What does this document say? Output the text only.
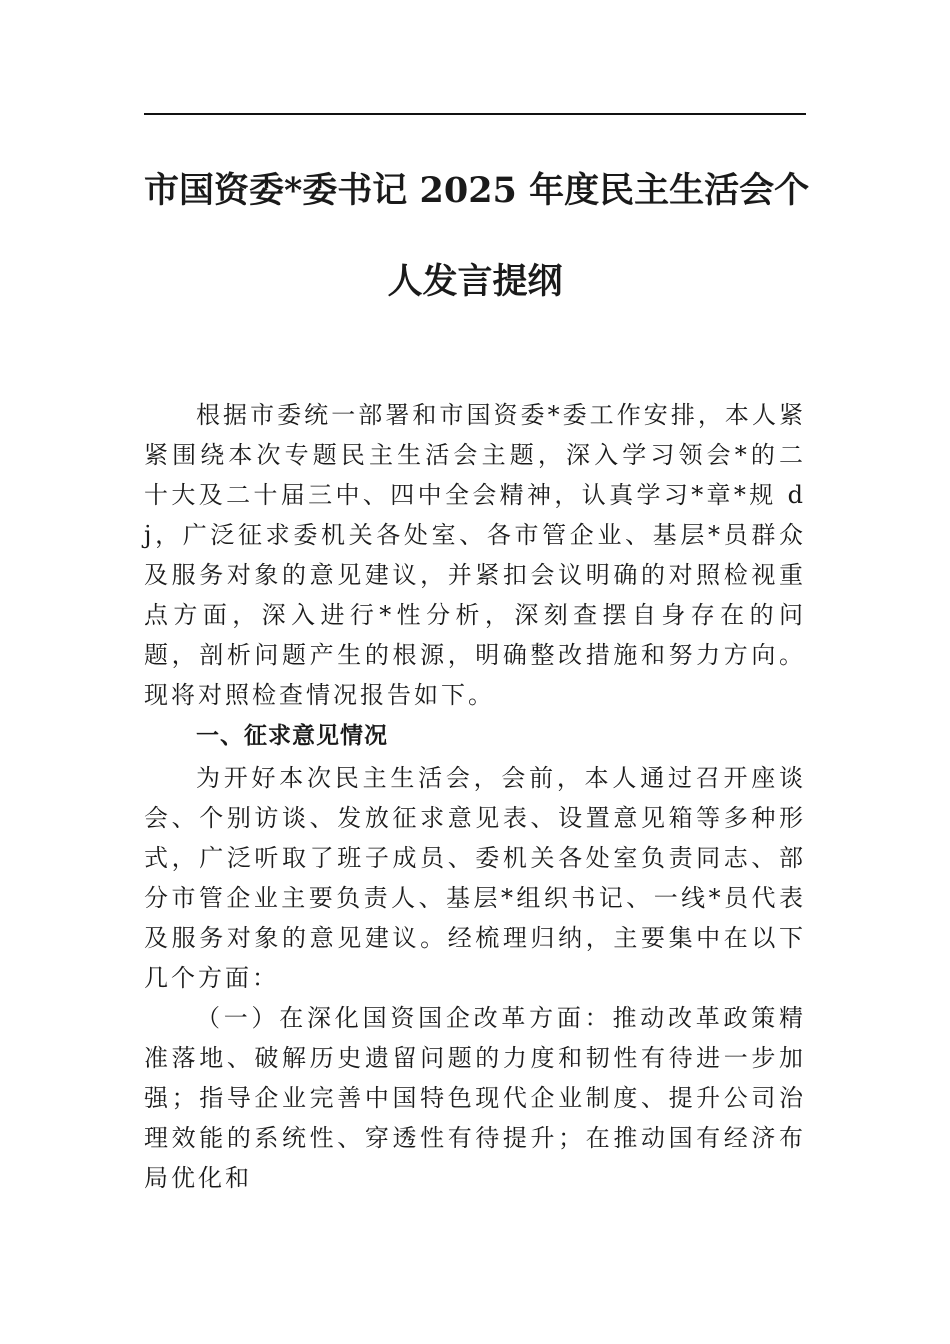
市国资委*委书记 2025 年度民主生活会个
人发言提纲

根据市委统一部署和市国资委*委工作安排，本人紧紧围绕本次专题民主生活会主题，深入学习领会*的二十大及二十届三中、四中全会精神，认真学习*章*规 dj，广泛征求委机关各处室、各市管企业、基层*员群众及服务对象的意见建议，并紧扣会议明确的对照检视重点方面，深入进行*性分析，深刻查摆自身存在的问题，剖析问题产生的根源，明确整改措施和努力方向。现将对照检查情况报告如下。

一、征求意见情况

为开好本次民主生活会，会前，本人通过召开座谈会、个别访谈、发放征求意见表、设置意见箱等多种形式，广泛听取了班子成员、委机关各处室负责同志、部分市管企业主要负责人、基层*组织书记、一线*员代表及服务对象的意见建议。经梳理归纳，主要集中在以下几个方面：

（一）在深化国资国企改革方面：推动改革政策精准落地、破解历史遗留问题的力度和韧性有待进一步加强；指导企业完善中国特色现代企业制度、提升公司治理效能的系统性、穿透性有待提升；在推动国有经济布局优化和
